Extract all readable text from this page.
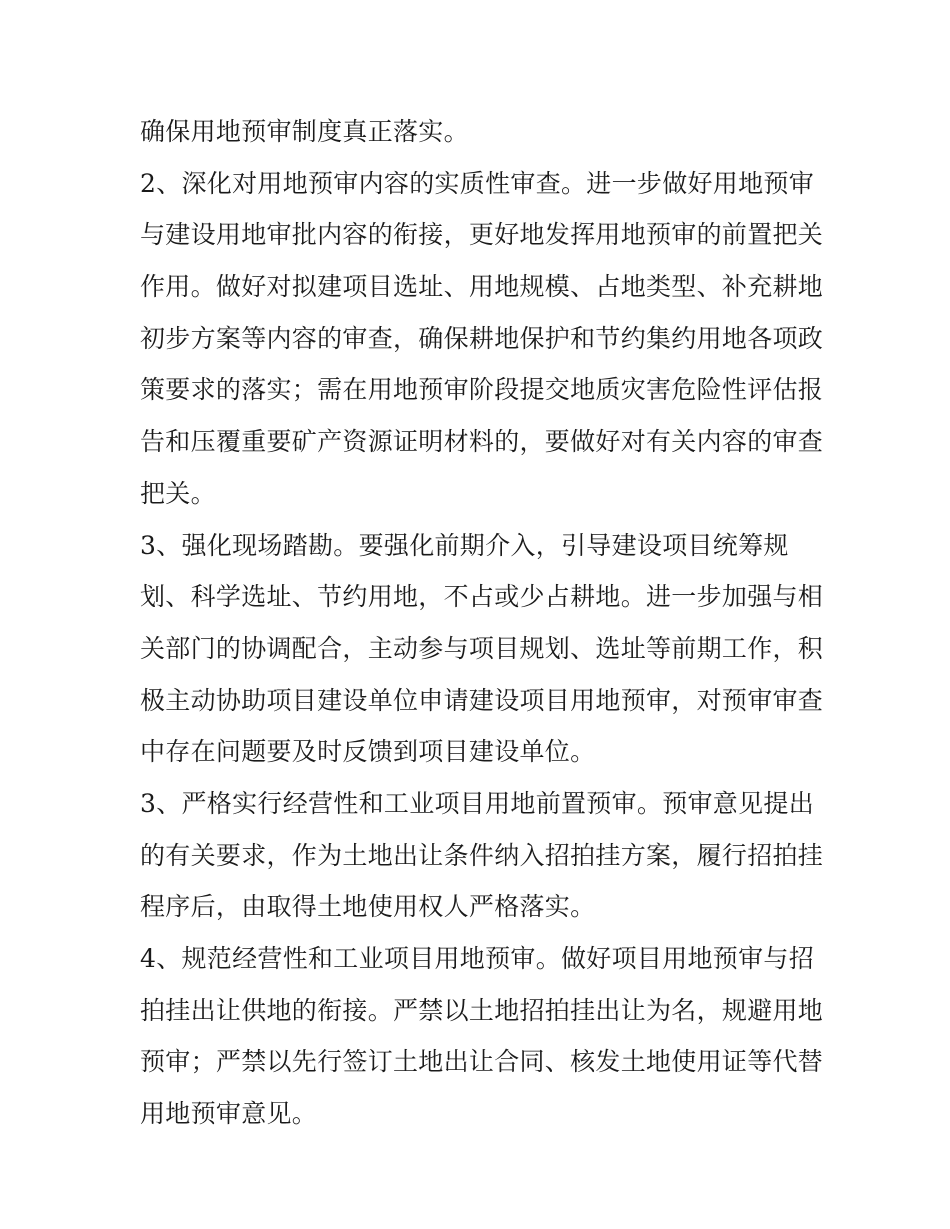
确保用地预审制度真正落实。
2、深化对用地预审内容的实质性审查。进一步做好用地预审
与建设用地审批内容的衔接，更好地发挥用地预审的前置把关
作用。做好对拟建项目选址、用地规模、占地类型、补充耕地
初步方案等内容的审查，确保耕地保护和节约集约用地各项政
策要求的落实；需在用地预审阶段提交地质灾害危险性评估报
告和压覆重要矿产资源证明材料的，要做好对有关内容的审查
把关。
3、强化现场踏勘。要强化前期介入，引导建设项目统筹规
划、科学选址、节约用地，不占或少占耕地。进一步加强与相
关部门的协调配合，主动参与项目规划、选址等前期工作，积
极主动协助项目建设单位申请建设项目用地预审，对预审审查
中存在问题要及时反馈到项目建设单位。
3、严格实行经营性和工业项目用地前置预审。预审意见提出
的有关要求，作为土地出让条件纳入招拍挂方案，履行招拍挂
程序后，由取得土地使用权人严格落实。
4、规范经营性和工业项目用地预审。做好项目用地预审与招
拍挂出让供地的衔接。严禁以土地招拍挂出让为名，规避用地
预审；严禁以先行签订土地出让合同、核发土地使用证等代替
用地预审意见。
